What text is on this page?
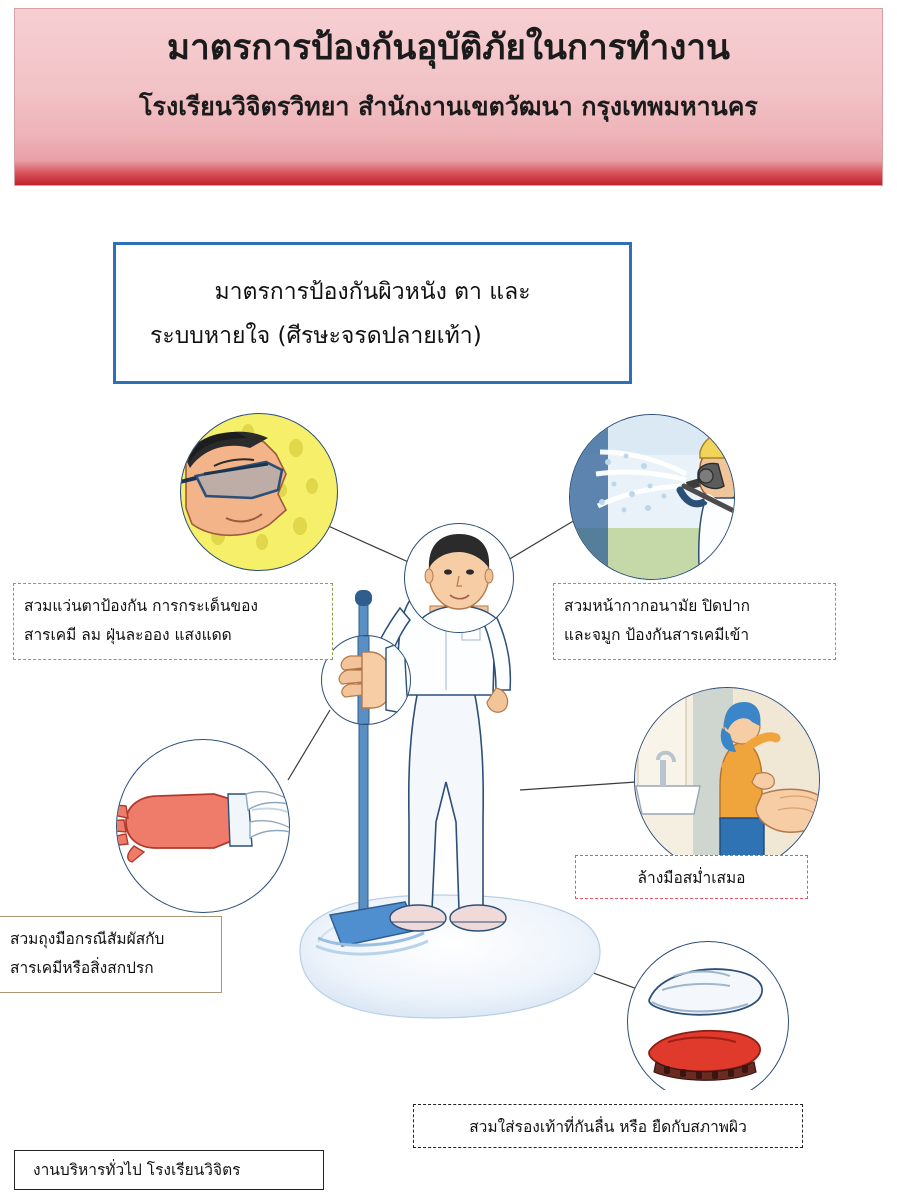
มาตรการป้องกันอุบัติภัยในการทำงาน
โรงเรียนวิจิตรวิทยา สำนักงานเขตวัฒนา กรุงเทพมหานคร
มาตรการป้องกันผิวหนัง ตา และ
ระบบหายใจ (ศีรษะจรดปลายเท้า)
สวมแว่นตาป้องกัน การกระเด็นของ
สารเคมี ลม ฝุ่นละออง แสงแดด
สวมหน้ากากอนามัย ปิดปาก
และจมูก ป้องกันสารเคมีเข้า
ล้างมือสม่ำเสมอ
สวมถุงมือกรณีสัมผัสกับ
สารเคมีหรือสิ่งสกปรก
สวมใส่รองเท้าที่กันลื่น หรือ ยืดกับสภาพผิว
งานบริหารทั่วไป โรงเรียนวิจิตร
